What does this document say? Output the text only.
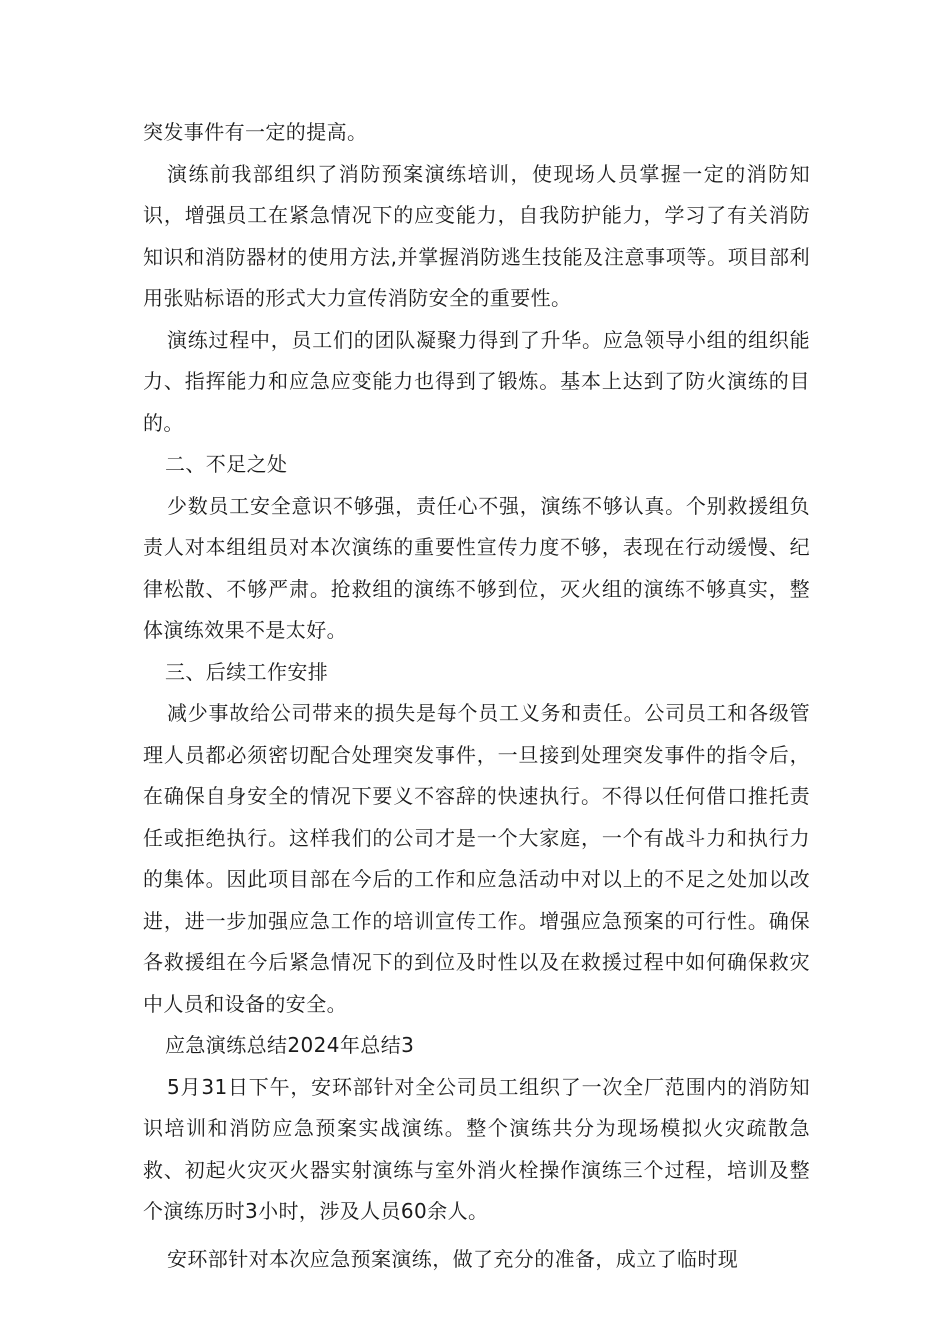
突发事件有一定的提高。

演练前我部组织了消防预案演练培训，使现场人员掌握一定的消防知识，增强员工在紧急情况下的应变能力，自我防护能力，学习了有关消防知识和消防器材的使用方法,并掌握消防逃生技能及注意事项等。项目部利用张贴标语的形式大力宣传消防安全的重要性。

演练过程中，员工们的团队凝聚力得到了升华。应急领导小组的组织能力、指挥能力和应急应变能力也得到了锻炼。基本上达到了防火演练的目的。

二、不足之处

少数员工安全意识不够强，责任心不强，演练不够认真。个别救援组负责人对本组组员对本次演练的重要性宣传力度不够，表现在行动缓慢、纪律松散、不够严肃。抢救组的演练不够到位，灭火组的演练不够真实，整体演练效果不是太好。

三、后续工作安排

减少事故给公司带来的损失是每个员工义务和责任。公司员工和各级管理人员都必须密切配合处理突发事件，一旦接到处理突发事件的指令后，在确保自身安全的情况下要义不容辞的快速执行。不得以任何借口推托责任或拒绝执行。这样我们的公司才是一个大家庭，一个有战斗力和执行力的集体。因此项目部在今后的工作和应急活动中对以上的不足之处加以改进，进一步加强应急工作的培训宣传工作。增强应急预案的可行性。确保各救援组在今后紧急情况下的到位及时性以及在救援过程中如何确保救灾中人员和设备的安全。

应急演练总结2024年总结3

5月31日下午，安环部针对全公司员工组织了一次全厂范围内的消防知识培训和消防应急预案实战演练。整个演练共分为现场模拟火灾疏散急救、初起火灾灭火器实射演练与室外消火栓操作演练三个过程，培训及整个演练历时3小时，涉及人员60余人。

安环部针对本次应急预案演练，做了充分的准备，成立了临时现
